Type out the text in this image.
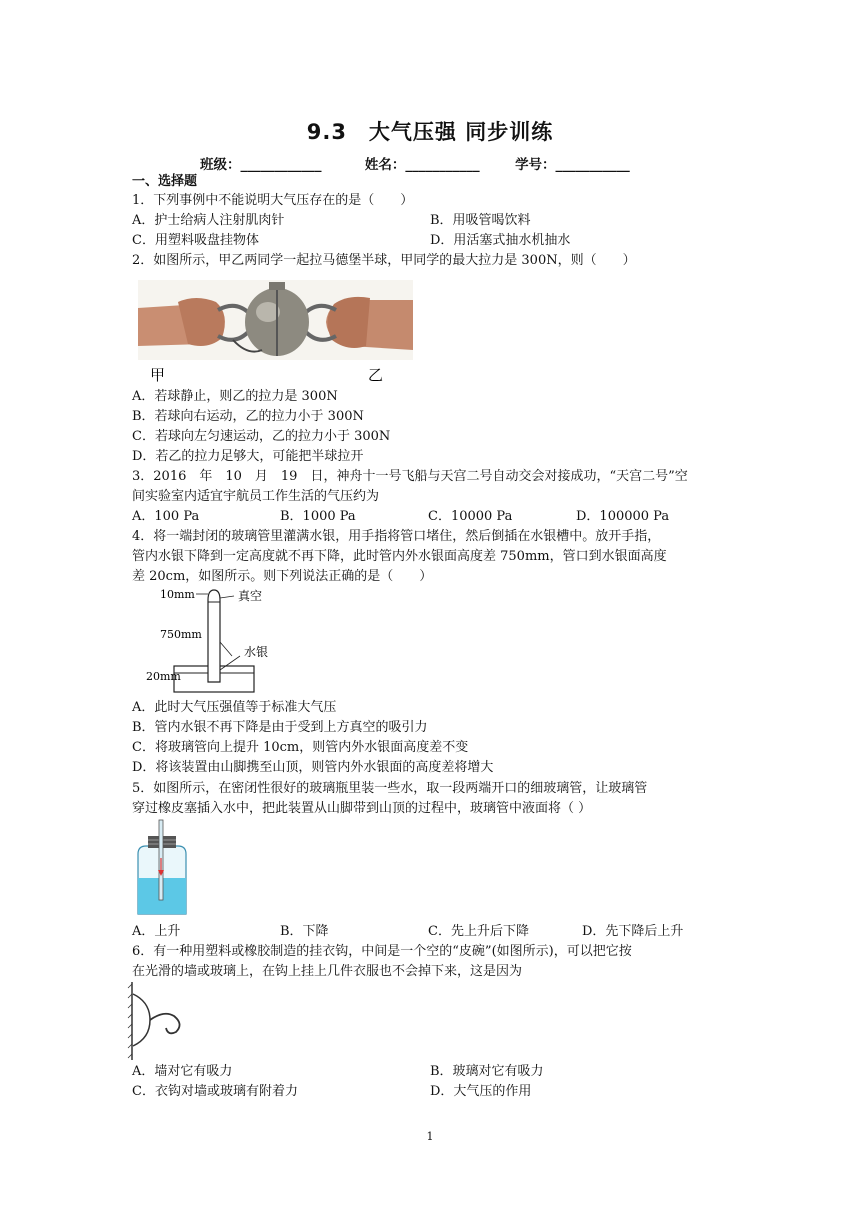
9.3　大气压强 同步训练
班级：____________	姓名：___________	学号：___________
一、选择题
1．下列事例中不能说明大气压存在的是（　　）
A．护士给病人注射肌肉针	B．用吸管喝饮料
C．用塑料吸盘挂物体	D．用活塞式抽水机抽水
2．如图所示，甲乙两同学一起拉马德堡半球，甲同学的最大拉力是 300N，则（　　）
甲	乙
A．若球静止，则乙的拉力是 300N
B．若球向右运动，乙的拉力小于 300N
C．若球向左匀速运动，乙的拉力小于 300N
D．若乙的拉力足够大，可能把半球拉开
3．2016　年　10　月　19　日，神舟十一号飞船与天宫二号自动交会对接成功，“天宫二号”空
间实验室内适宜宇航员工作生活的气压约为
A．100 Pa	B．1000 Pa	C．10000 Pa	D．100000 Pa
4．将一端封闭的玻璃管里灌满水银，用手指将管口堵住，然后倒插在水银槽中。放开手指，
管内水银下降到一定高度就不再下降，此时管内外水银面高度差 750mm，管口到水银面高度
差 20cm，如图所示。则下列说法正确的是（　　）
10mm	真空
750mm
水银
20mm
A．此时大气压强值等于标准大气压
B．管内水银不再下降是由于受到上方真空的吸引力
C．将玻璃管向上提升 10cm，则管内外水银面高度差不变
D．将该装置由山脚携至山顶，则管内外水银面的高度差将增大
5．如图所示，在密闭性很好的玻璃瓶里装一些水，取一段两端开口的细玻璃管，让玻璃管
穿过橡皮塞插入水中，把此装置从山脚带到山顶的过程中，玻璃管中液面将（ ）
A．上升	B．下降	C．先上升后下降	D．先下降后上升
6．有一种用塑料或橡胶制造的挂衣钩，中间是一个空的“皮碗”(如图所示)，可以把它按
在光滑的墙或玻璃上，在钩上挂上几件衣服也不会掉下来，这是因为
A．墙对它有吸力	B．玻璃对它有吸力
C．衣钩对墙或玻璃有附着力	D．大气压的作用
1
